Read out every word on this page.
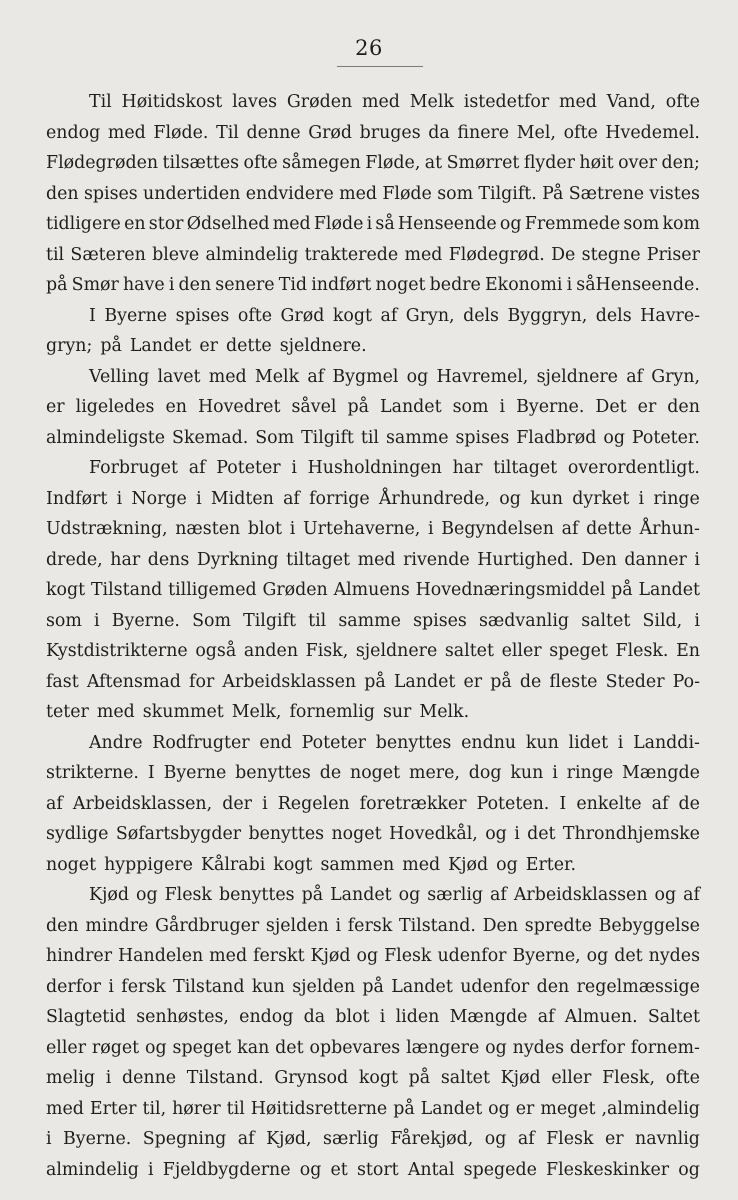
26
Til Høitidskost laves Grøden med Melk istedetfor med Vand, ofte
endog med Fløde. Til denne Grød bruges da finere Mel, ofte Hvedemel.
Flødegrøden tilsættes ofte såmegen Fløde, at Smørret flyder høit over den;
den spises undertiden endvidere med Fløde som Tilgift. På Sætrene vistes
tidligere en stor Ødselhed med Fløde i så Henseende og Fremmede som kom
til Sæteren bleve almindelig trakterede med Flødegrød. De stegne Priser
på Smør have i den senere Tid indført noget bedre Ekonomi i såHenseende.
I Byerne spises ofte Grød kogt af Gryn, dels Byggryn, dels Havre-
gryn; på Landet er dette sjeldnere.
Velling lavet med Melk af Bygmel og Havremel, sjeldnere af Gryn,
er ligeledes en Hovedret såvel på Landet som i Byerne. Det er den
almindeligste Skemad. Som Tilgift til samme spises Fladbrød og Poteter.
Forbruget af Poteter i Husholdningen har tiltaget overordentligt.
Indført i Norge i Midten af forrige Århundrede, og kun dyrket i ringe
Udstrækning, næsten blot i Urtehaverne, i Begyndelsen af dette Århun-
drede, har dens Dyrkning tiltaget med rivende Hurtighed. Den danner i
kogt Tilstand tilligemed Grøden Almuens Hovednæringsmiddel på Landet
som i Byerne. Som Tilgift til samme spises sædvanlig saltet Sild, i
Kystdistrikterne også anden Fisk, sjeldnere saltet eller speget Flesk. En
fast Aftensmad for Arbeidsklassen på Landet er på de fleste Steder Po-
teter med skummet Melk, fornemlig sur Melk.
Andre Rodfrugter end Poteter benyttes endnu kun lidet i Landdi-
strikterne. I Byerne benyttes de noget mere, dog kun i ringe Mængde
af Arbeidsklassen, der i Regelen foretrækker Poteten. I enkelte af de
sydlige Søfartsbygder benyttes noget Hovedkål, og i det Throndhjemske
noget hyppigere Kålrabi kogt sammen med Kjød og Erter.
Kjød og Flesk benyttes på Landet og særlig af Arbeidsklassen og af
den mindre Gårdbruger sjelden i fersk Tilstand. Den spredte Bebyggelse
hindrer Handelen med ferskt Kjød og Flesk udenfor Byerne, og det nydes
derfor i fersk Tilstand kun sjelden på Landet udenfor den regelmæssige
Slagtetid senhøstes, endog da blot i liden Mængde af Almuen. Saltet
eller røget og speget kan det opbevares længere og nydes derfor fornem-
melig i denne Tilstand. Grynsod kogt på saltet Kjød eller Flesk, ofte
med Erter til, hører til Høitidsretterne på Landet og er meget ,almindelig
i Byerne. Spegning af Kjød, særlig Fårekjød, og af Flesk er navnlig
almindelig i Fjeldbygderne og et stort Antal spegede Fleskeskinker og
